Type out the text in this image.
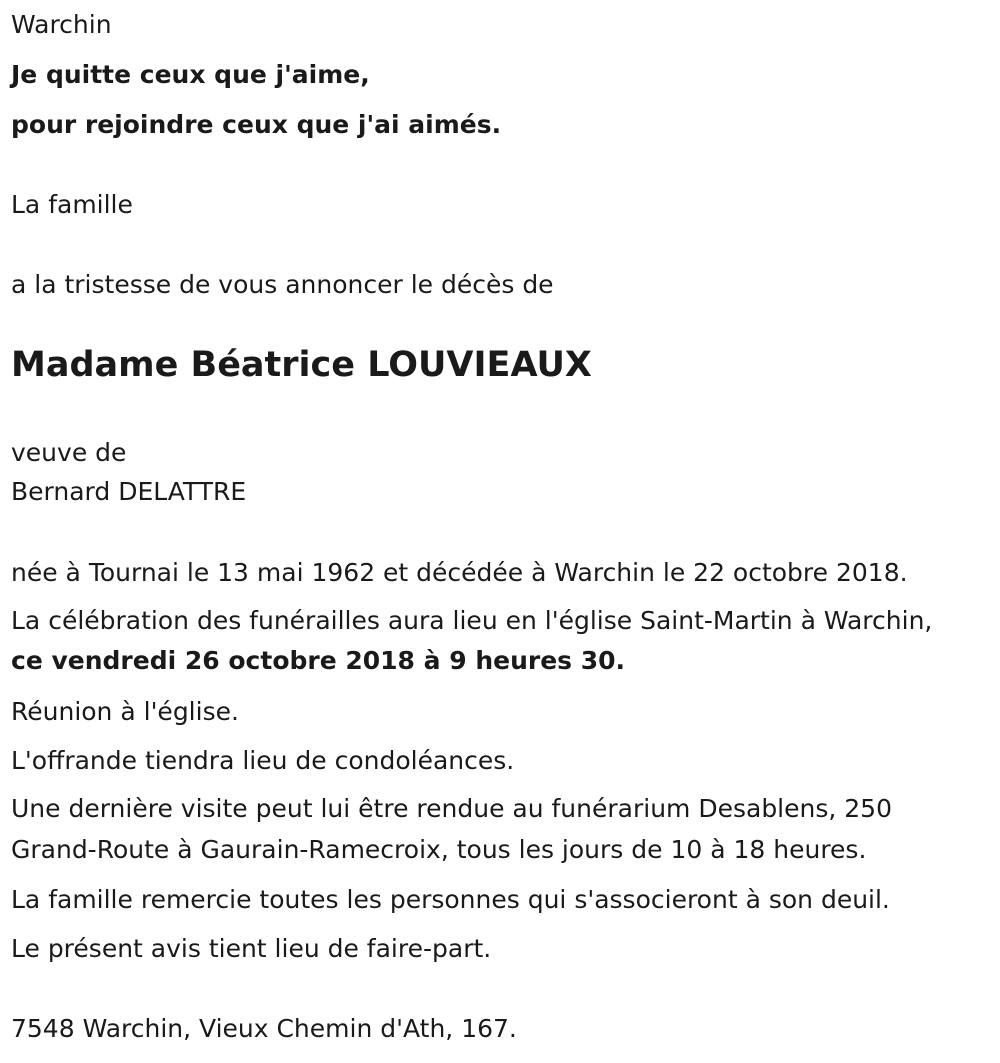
Warchin

Je quitte ceux que j'aime,

pour rejoindre ceux que j'ai aimés.

La famille

a la tristesse de vous annoncer le décès de

Madame Béatrice LOUVIEAUX

veuve de

Bernard DELATTRE

née à Tournai le 13 mai 1962 et décédée à Warchin le 22 octobre 2018.

La célébration des funérailles aura lieu en l'église Saint-Martin à Warchin,

ce vendredi 26 octobre 2018 à 9 heures 30.

Réunion à l'église.

L'offrande tiendra lieu de condoléances.

Une dernière visite peut lui être rendue au funérarium Desablens, 250

Grand-Route à Gaurain-Ramecroix, tous les jours de 10 à 18 heures.

La famille remercie toutes les personnes qui s'associeront à son deuil.

Le présent avis tient lieu de faire-part.

7548 Warchin, Vieux Chemin d'Ath, 167.
